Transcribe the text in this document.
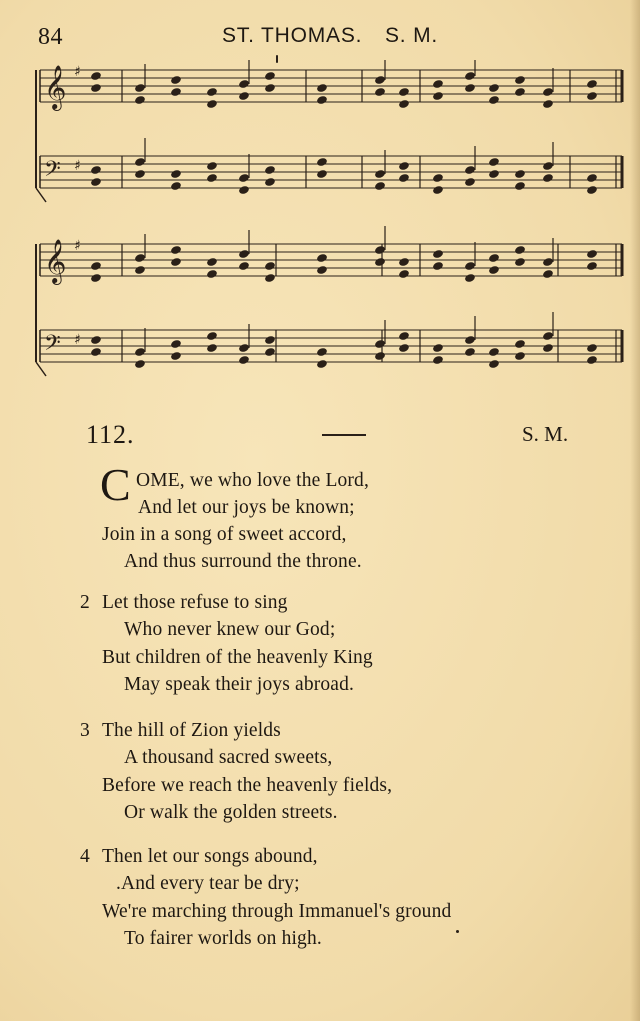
84	ST. THOMAS. S. M.
𝄞 ♯
𝄢 ♯
𝄞 ♯
𝄢 ♯
112.	S. M.
C OME, we who love the Lord,
And let our joys be known;
Join in a song of sweet accord,
And thus surround the throne.
2 Let those refuse to sing
Who never knew our God;
But children of the heavenly King
May speak their joys abroad.
3 The hill of Zion yields
A thousand sacred sweets,
Before we reach the heavenly fields,
Or walk the golden streets.
4 Then let our songs abound,
.And every tear be dry;
We're marching through Immanuel's ground
To fairer worlds on high.
